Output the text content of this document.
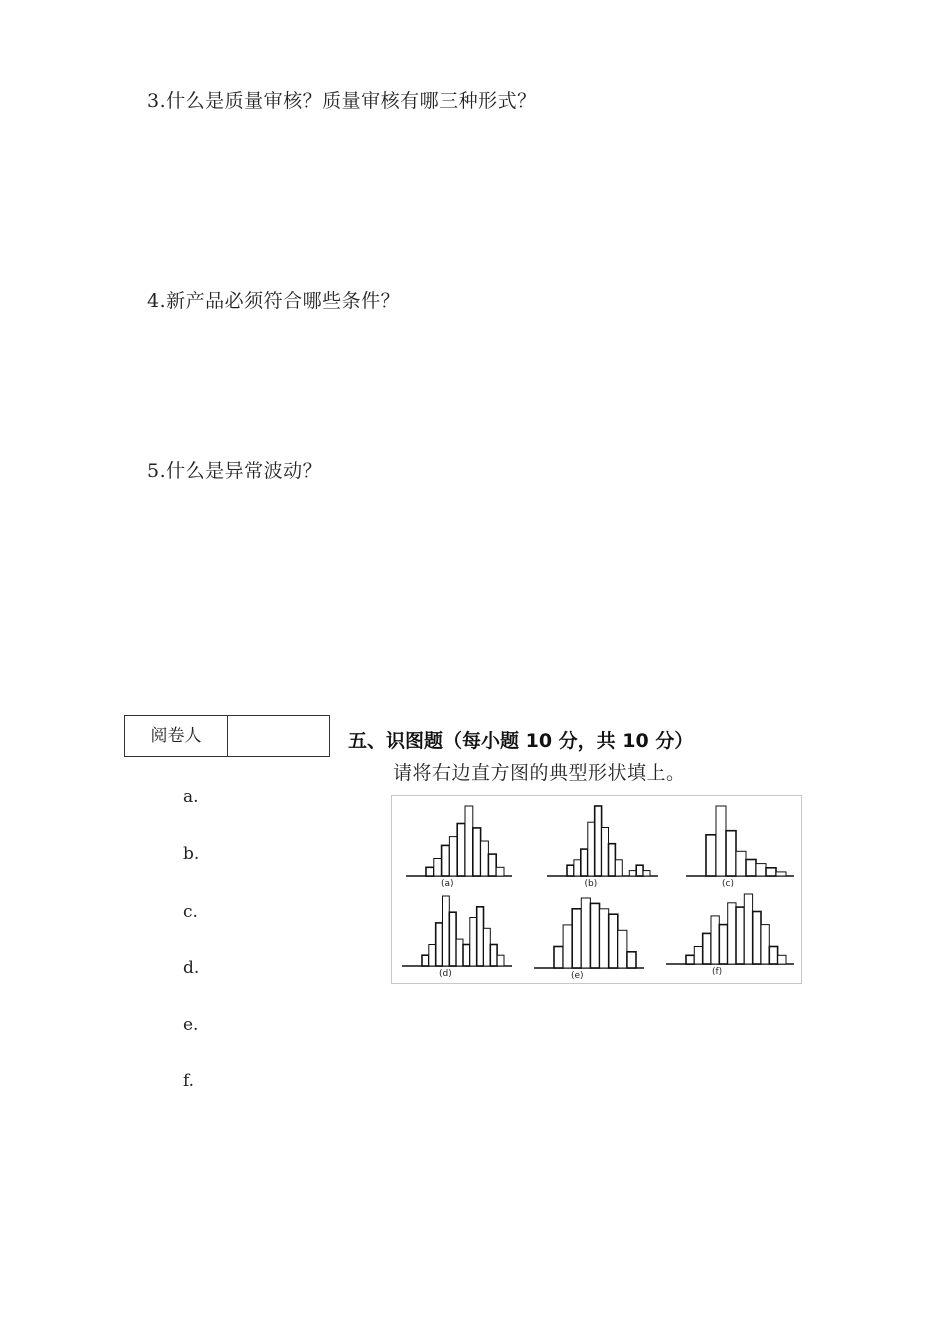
3.什么是质量审核？质量审核有哪三种形式？
4.新产品必须符合哪些条件？
5.什么是异常波动？
阅卷人	五、识图题（每小题 10 分，共 10 分）
请将右边直方图的典型形状填上。
a.
b.
c.
d.
e.
f.
(a)	(b)	(c)
(d)	(e)	(f)
